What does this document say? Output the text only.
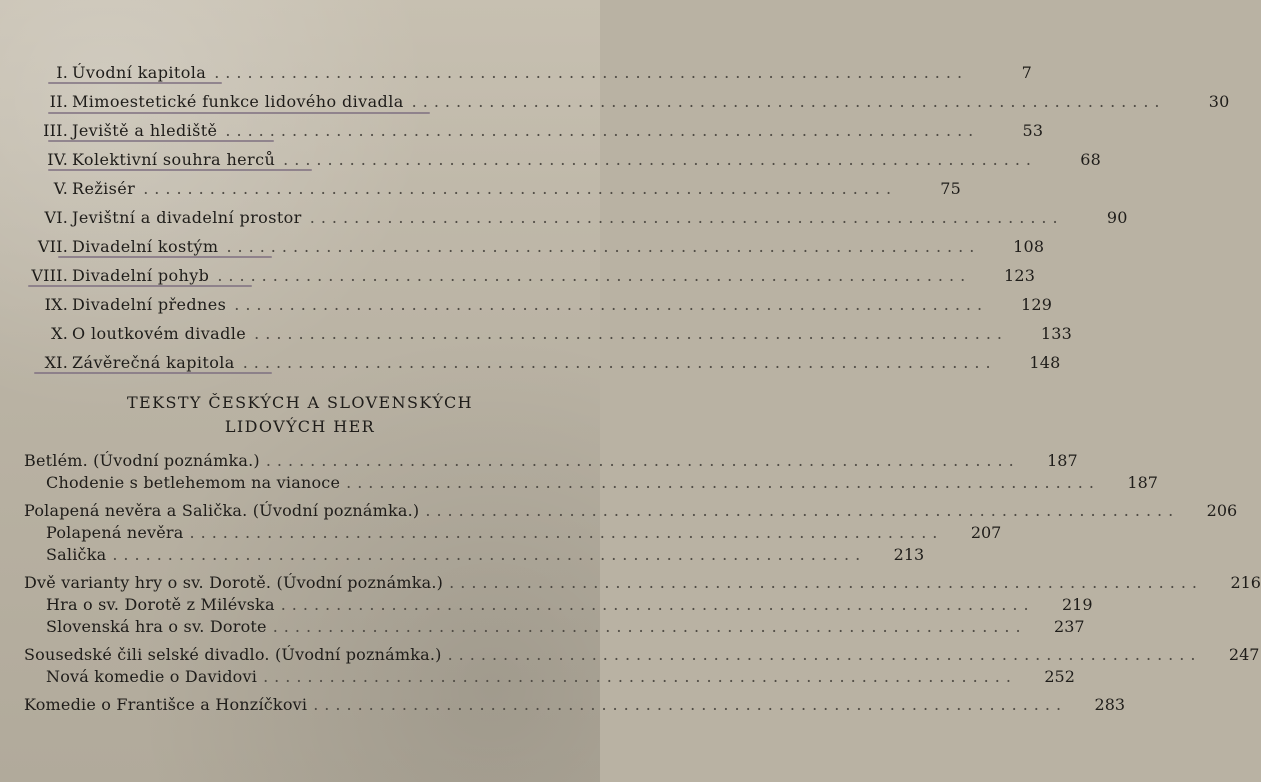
I. Úvodní kapitola ....................................................................	7
II. Mimoestetické funkce lidového divadla ....................................................................	30
III. Jeviště a hlediště ....................................................................	53
IV. Kolektivní souhra herců ....................................................................	68
V. Režisér ....................................................................	75
VI. Jevištní a divadelní prostor ....................................................................	90
VII. Divadelní kostým ....................................................................	108
VIII. Divadelní pohyb ....................................................................	123
IX. Divadelní přednes ....................................................................	129
X. O loutkovém divadle ....................................................................	133
XI. Závěrečná kapitola ....................................................................	148
TEKSTY ČESKÝCH A SLOVENSKÝCH
LIDOVÝCH HER
Betlém. (Úvodní poznámka.) ....................................................................	187
Chodenie s betlehemom na vianoce ....................................................................	187
Polapená nevěra a Salička. (Úvodní poznámka.) ....................................................................	206
Polapená nevěra ....................................................................	207
Salička ....................................................................	213
Dvě varianty hry o sv. Dorotě. (Úvodní poznámka.) ....................................................................	216
Hra o sv. Dorotě z Milévska ....................................................................	219
Slovenská hra o sv. Dorote ....................................................................	237
Sousedské čili selské divadlo. (Úvodní poznámka.) ....................................................................	247
Nová komedie o Davidovi ....................................................................	252
Komedie o Františce a Honzíčkovi ....................................................................	283
